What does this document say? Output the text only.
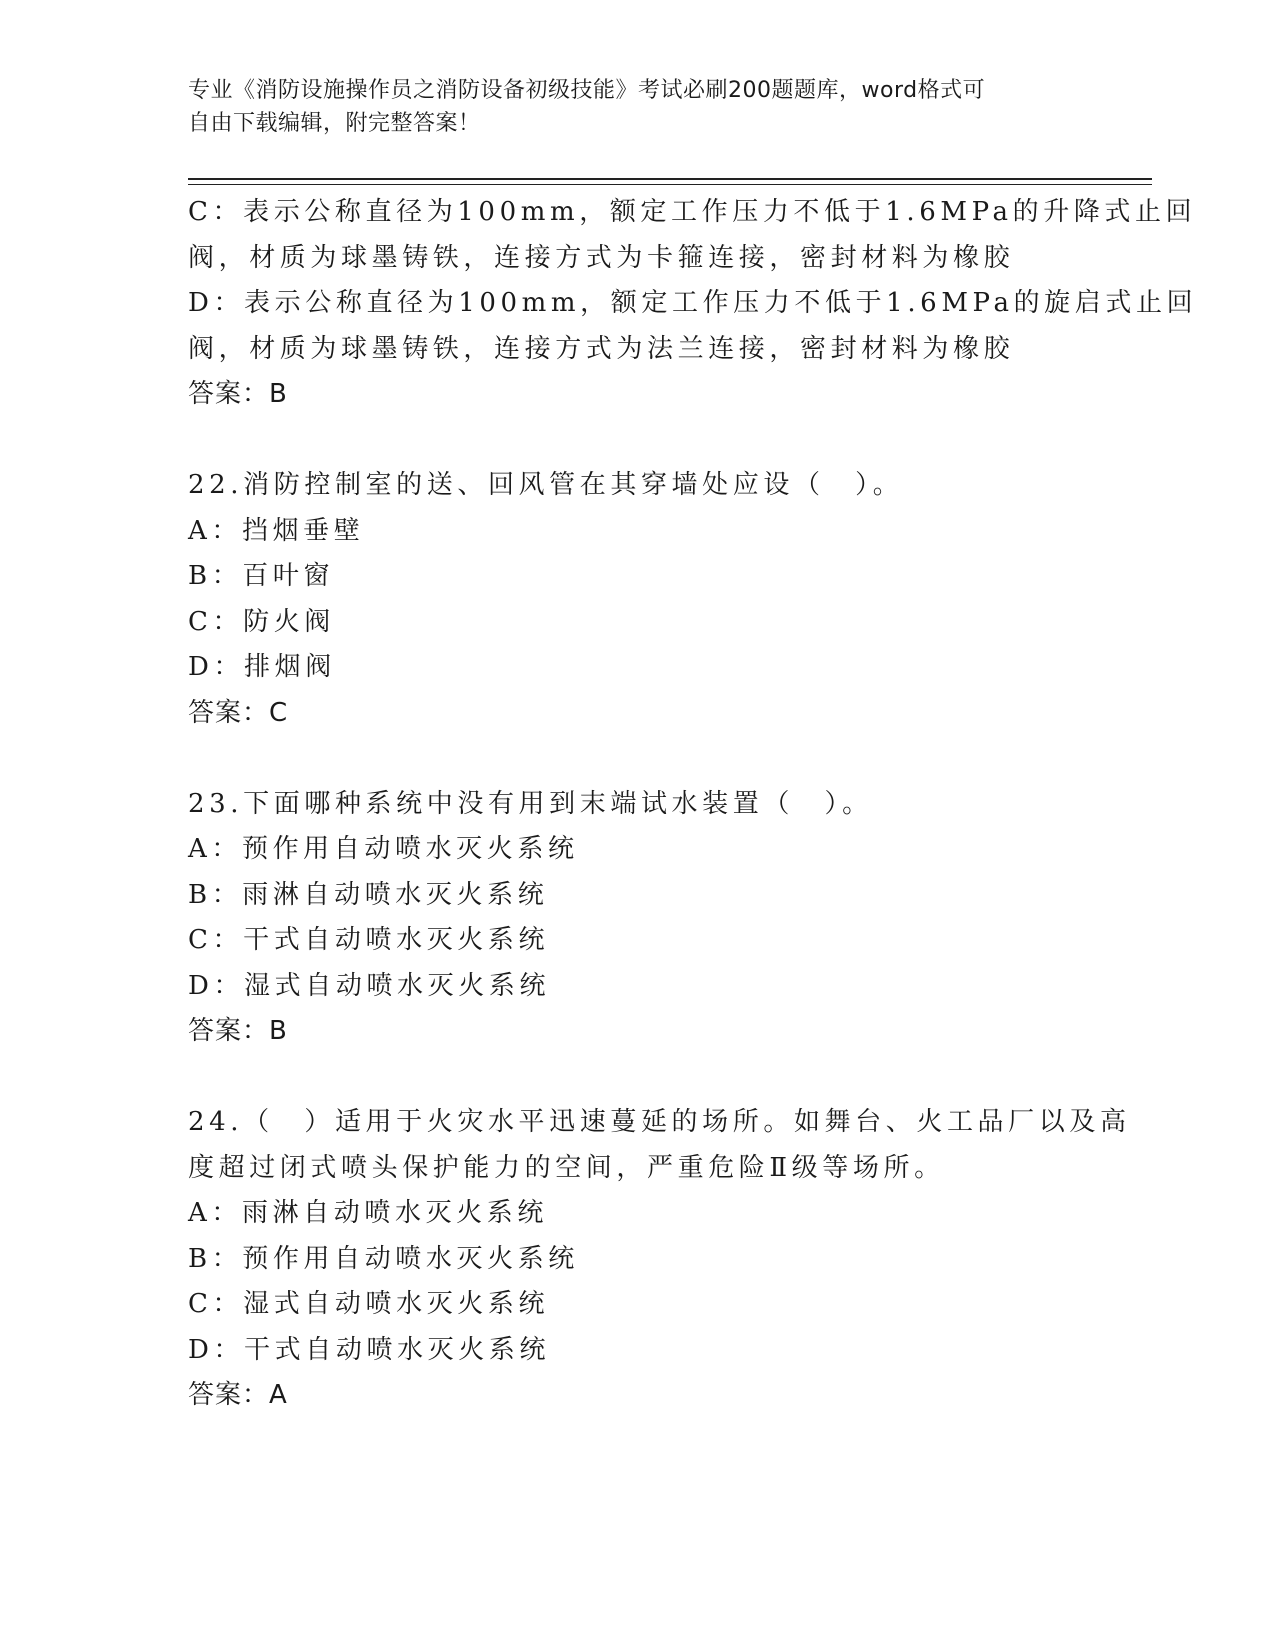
专业《消防设施操作员之消防设备初级技能》考试必刷200题题库，word格式可
自由下载编辑，附完整答案！
C：表示公称直径为100mm，额定工作压力不低于1.6MPa的升降式止回
阀，材质为球墨铸铁，连接方式为卡箍连接，密封材料为橡胶
D：表示公称直径为100mm，额定工作压力不低于1.6MPa的旋启式止回
阀，材质为球墨铸铁，连接方式为法兰连接，密封材料为橡胶
答案：B
22.消防控制室的送、回风管在其穿墙处应设（　）。
A：挡烟垂壁
B：百叶窗
C：防火阀
D：排烟阀
答案：C
23.下面哪种系统中没有用到末端试水装置（　）。
A：预作用自动喷水灭火系统
B：雨淋自动喷水灭火系统
C：干式自动喷水灭火系统
D：湿式自动喷水灭火系统
答案：B
24.（　）适用于火灾水平迅速蔓延的场所。如舞台、火工品厂以及高
度超过闭式喷头保护能力的空间，严重危险Ⅱ级等场所。
A：雨淋自动喷水灭火系统
B：预作用自动喷水灭火系统
C：湿式自动喷水灭火系统
D：干式自动喷水灭火系统
答案：A
